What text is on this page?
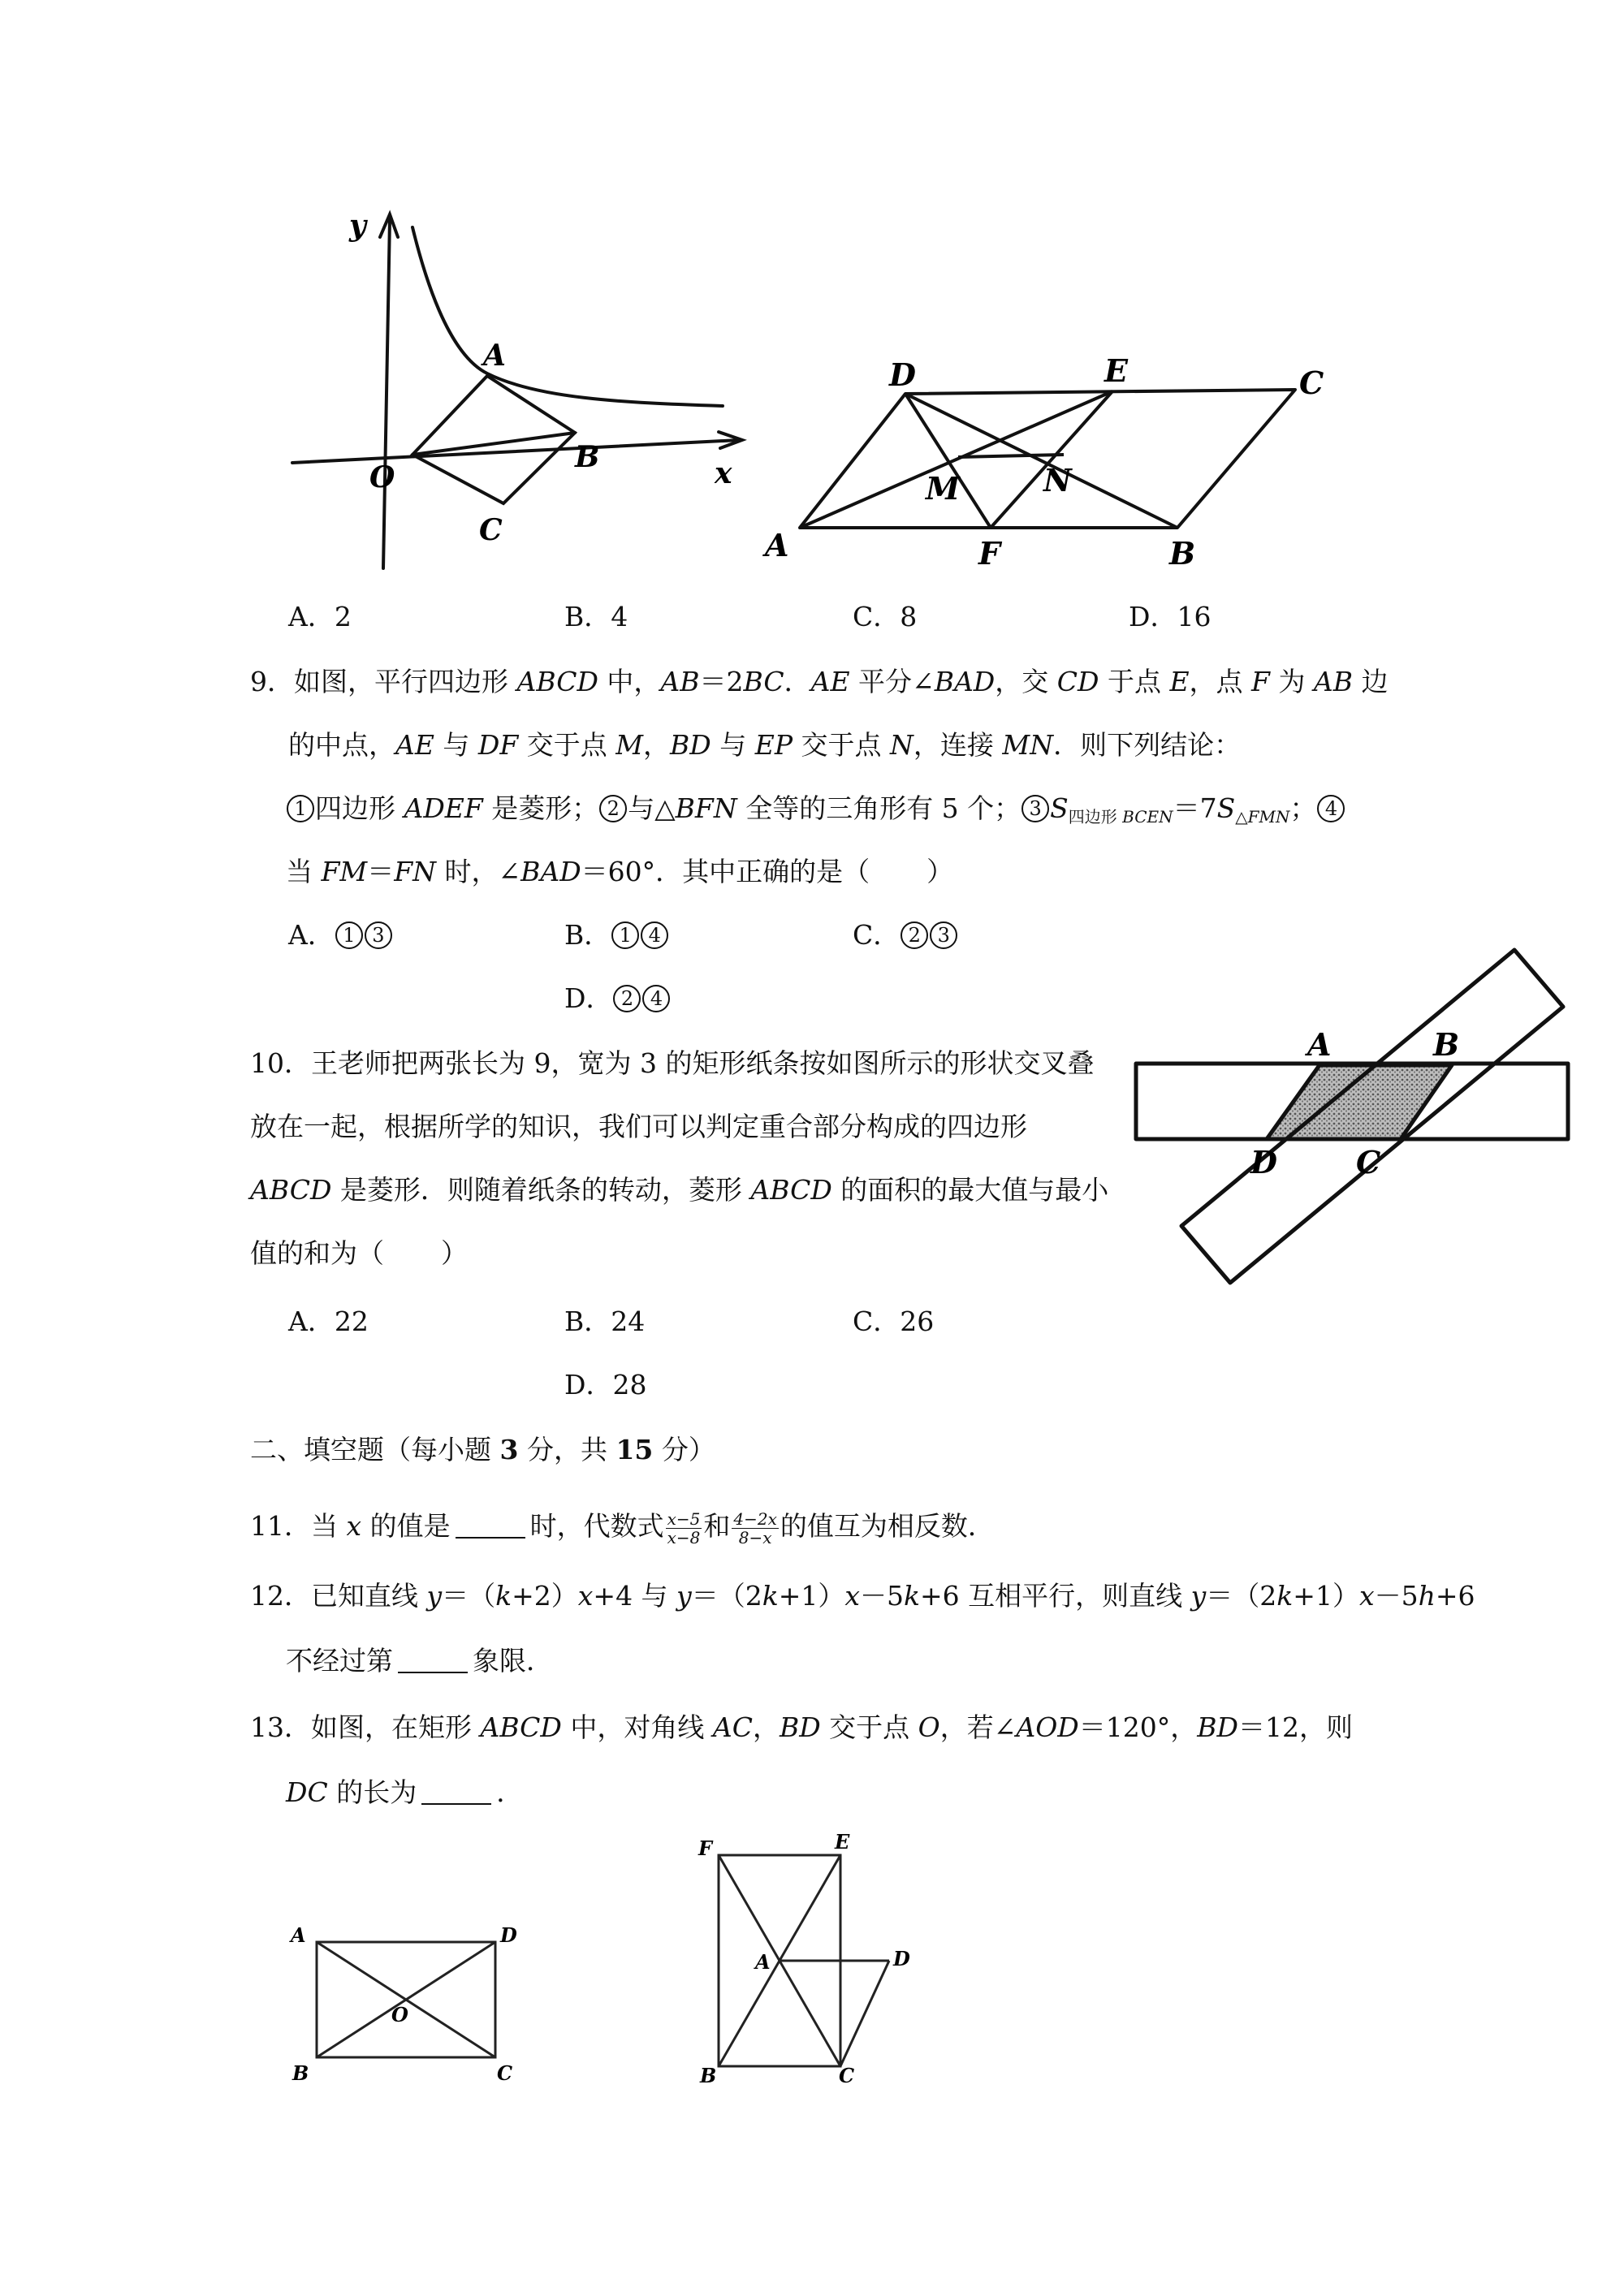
y
A
B
O
C
x
D	E	C
M	N
A	F	B
A．2	B．4	C．8	D．16
9．如图，平行四边形 ABCD 中，AB＝2BC．AE 平分∠BAD，交 CD 于点 E，点 F 为 AB 边
的中点，AE 与 DF 交于点 M，BD 与 EP 交于点 N，连接 MN．则下列结论：
1 四边形 ADEF 是菱形； 2 与△BFN 全等的三角形有 5 个； 3 $S_{四边形}$ $_{BCEN}=7S_{\triangle FMN}$； 4
当 FM＝FN 时，∠BAD＝60°．其中正确的是（ ）
A． 1 3	B． 1 4	C． 2 3
D． 2 4
A	B
D	C
10．王老师把两张长为 9，宽为 3 的矩形纸条按如图所示的形状交叉叠
放在一起，根据所学的知识，我们可以判定重合部分构成的四边形
ABCD 是菱形．则随着纸条的转动，菱形 ABCD 的面积的最大值与最小
值的和为（ ）
A．22	B．24	C．26
D．28
二、填空题（每小题 3 分，共 15 分）
11．当 x 的值是	时，代数式 $\frac{x-5}{x-8}$ 和 $\frac{4-2x}{8-x}$ 的值互为相反数．
12．已知直线 y＝（k+2）x+4 与 y＝（2k+1）x－5k+6 互相平行，则直线 y＝（2k+1）x－5h+6
不经过第	象限．
13．如图，在矩形 ABCD 中，对角线 AC，BD 交于点 O，若∠AOD＝120°，BD＝12，则
DC 的长为	．
A	D
O
B	C
F	E
A	D
B	C
